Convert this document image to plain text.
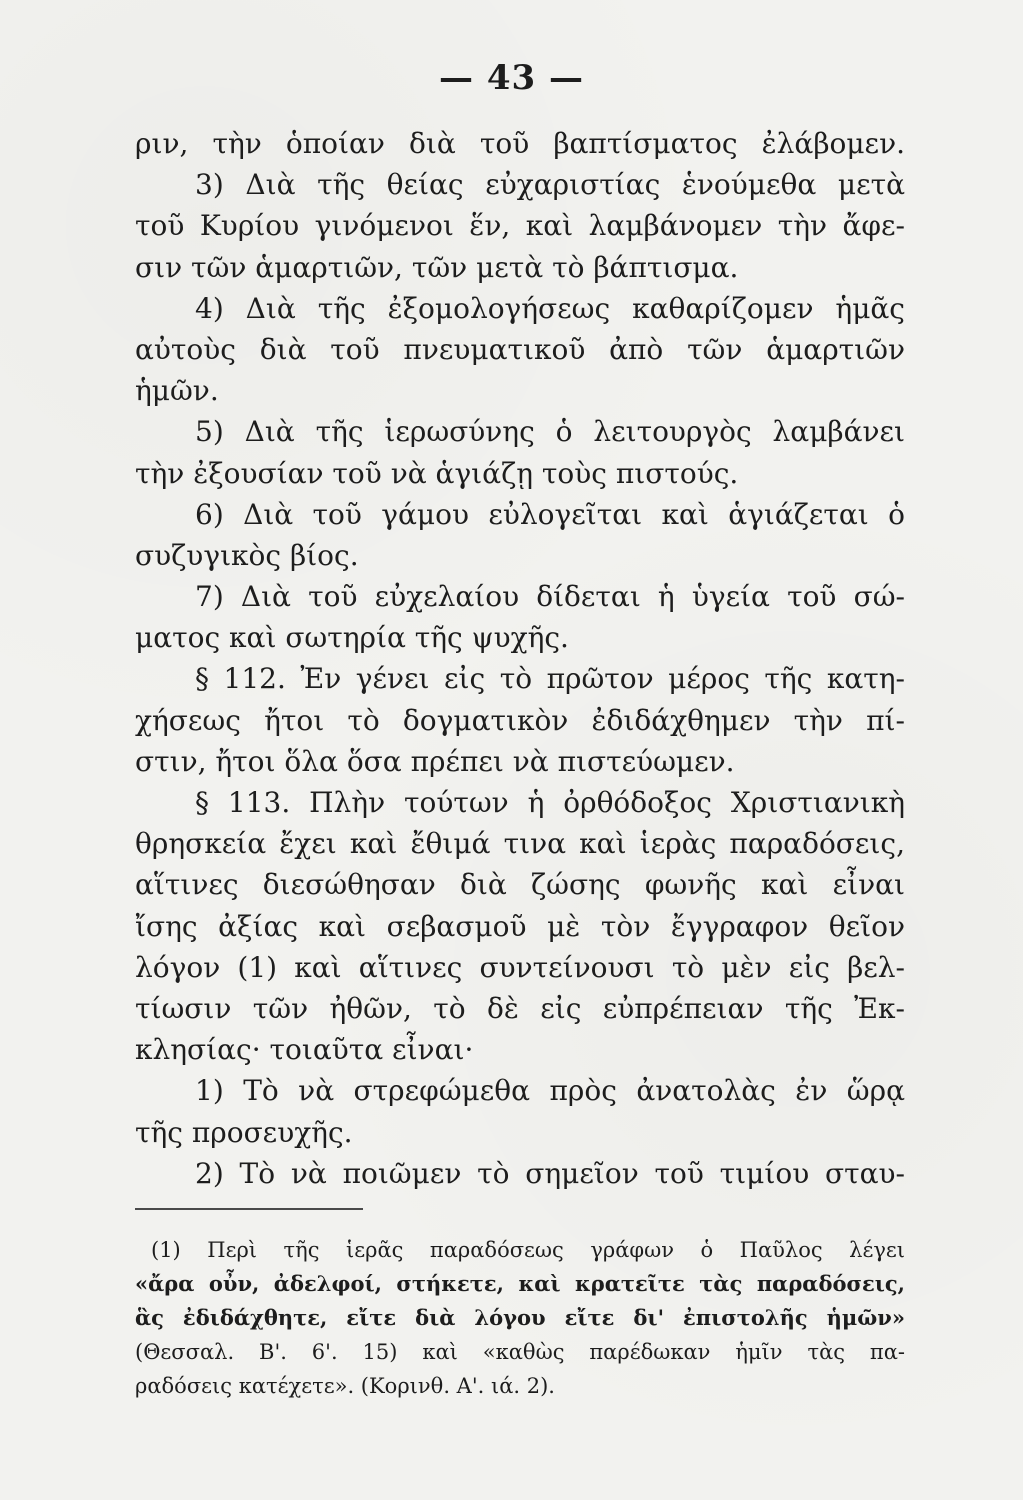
— 43 —
ριν, τὴν ὁποίαν διὰ τοῦ βαπτίσματος ἐλάβομεν.
3) Διὰ τῆς θείας εὐχαριστίας ἑνούμεθα μετὰ
τοῦ Κυρίου γινόμενοι ἕν, καὶ λαμβάνομεν τὴν ἄφε-
σιν τῶν ἁμαρτιῶν, τῶν μετὰ τὸ βάπτισμα.
4) Διὰ τῆς ἐξομολογήσεως καθαρίζομεν ἡμᾶς
αὐτοὺς διὰ τοῦ πνευματικοῦ ἀπὸ τῶν ἁμαρτιῶν
ἡμῶν.
5) Διὰ τῆς ἱερωσύνης ὁ λειτουργὸς λαμβάνει
τὴν ἐξουσίαν τοῦ νὰ ἁγιάζῃ τοὺς πιστούς.
6) Διὰ τοῦ γάμου εὐλογεῖται καὶ ἁγιάζεται ὁ
συζυγικὸς βίος.
7) Διὰ τοῦ εὐχελαίου δίδεται ἡ ὑγεία τοῦ σώ-
ματος καὶ σωτηρία τῆς ψυχῆς.
§ 112. Ἐν γένει εἰς τὸ πρῶτον μέρος τῆς κατη-
χήσεως ἤτοι τὸ δογματικὸν ἐδιδάχθημεν τὴν πί-
στιν, ἤτοι ὅλα ὅσα πρέπει νὰ πιστεύωμεν.
§ 113. Πλὴν τούτων ἡ ὀρθόδοξος Χριστιανικὴ
θρησκεία ἔχει καὶ ἔθιμά τινα καὶ ἱερὰς παραδόσεις,
αἵτινες διεσώθησαν διὰ ζώσης φωνῆς καὶ εἶναι
ἴσης ἀξίας καὶ σεβασμοῦ μὲ τὸν ἔγγραφον θεῖον
λόγον (1) καὶ αἵτινες συντείνουσι τὸ μὲν εἰς βελ-
τίωσιν τῶν ἠθῶν, τὸ δὲ εἰς εὐπρέπειαν τῆς Ἐκ-
κλησίας· τοιαῦτα εἶναι·
1) Τὸ νὰ στρεφώμεθα πρὸς ἀνατολὰς ἐν ὥρᾳ
τῆς προσευχῆς.
2) Τὸ νὰ ποιῶμεν τὸ σημεῖον τοῦ τιμίου σταυ-
(1) Περὶ τῆς ἱερᾶς παραδόσεως γράφων ὁ Παῦλος λέγει
«ἄρα οὖν, ἀδελφοί, στήκετε, καὶ κρατεῖτε τὰς παραδόσεις,
ἃς ἐδιδάχθητε, εἴτε διὰ λόγου εἴτε δι' ἐπιστολῆς ἡμῶν»
(Θεσσαλ. Β'. 6'. 15) καὶ «καθὼς παρέδωκαν ἡμῖν τὰς πα-
ραδόσεις κατέχετε». (Κορινθ. Α'. ιά. 2).
